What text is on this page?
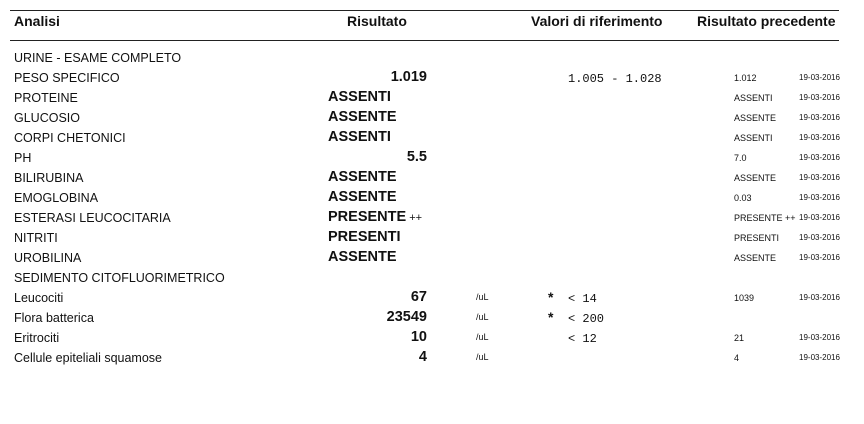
Analisi	Risultato	Valori di riferimento Risultato precedente
URINE - ESAME COMPLETO
PESO SPECIFICO	1.019	1.005 - 1.028	1.012	19-03-2016
PROTEINE	ASSENTI	ASSENTI	19-03-2016
GLUCOSIO	ASSENTE	ASSENTE	19-03-2016
CORPI CHETONICI	ASSENTI	ASSENTI	19-03-2016
PH	5.5	7.0	19-03-2016
BILIRUBINA	ASSENTE	ASSENTE	19-03-2016
EMOGLOBINA	ASSENTE	0.03	19-03-2016
ESTERASI LEUCOCITARIA	PRESENTE ++	PRESENTE ++ 19-03-2016
NITRITI	PRESENTI	PRESENTI 19-03-2016
UROBILINA	ASSENTE	ASSENTE	19-03-2016
SEDIMENTO CITOFLUORIMETRICO
Leucociti	67	/uL	* < 14	1039	19-03-2016
Flora batterica	23549	/uL	* < 200
Eritrociti	10	/uL	< 12	21	19-03-2016
Cellule epiteliali squamose	4	/uL	4	19-03-2016
